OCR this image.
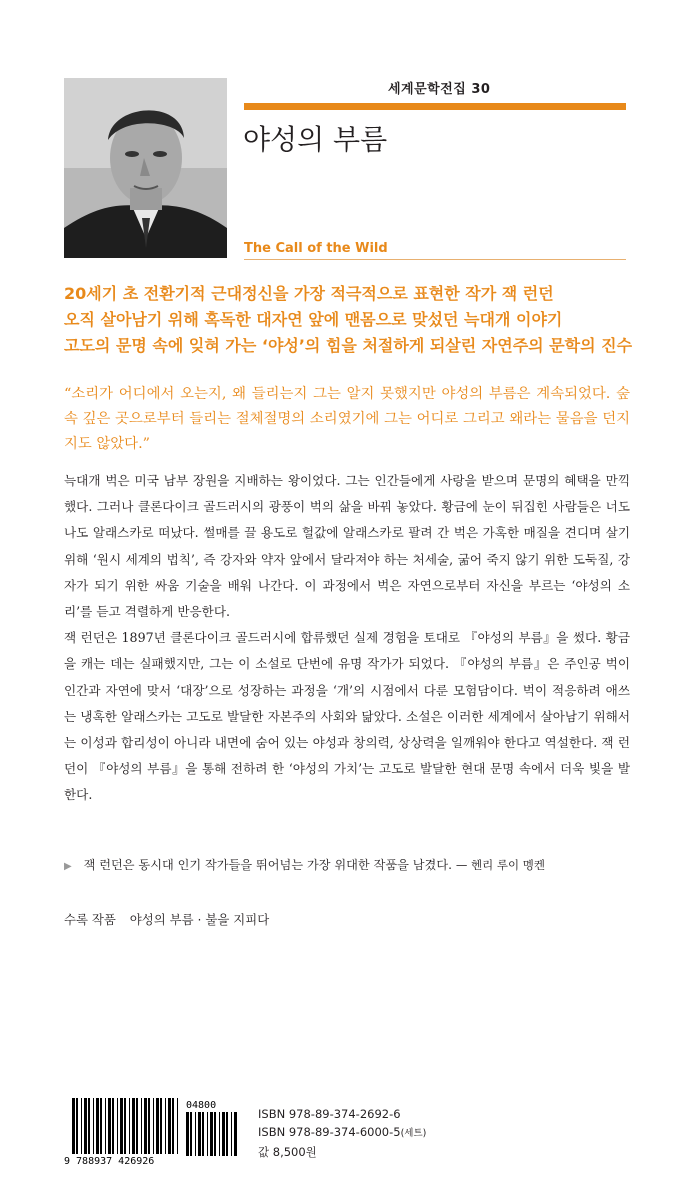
세계문학전집 30
야성의 부름
The Call of the Wild
20세기 초 전환기적 근대정신을 가장 적극적으로 표현한 작가 잭 런던
오직 살아남기 위해 혹독한 대자연 앞에 맨몸으로 맞섰던 늑대개 이야기
고도의 문명 속에 잊혀 가는 ‘야성’의 힘을 처절하게 되살린 자연주의 문학의 진수
“소리가 어디에서 오는지, 왜 들리는지 그는 알지 못했지만 야성의 부름은 계속되었다. 숲 속 깊은 곳으로부터 들리는 절체절명의 소리였기에 그는 어디로 그리고 왜라는 물음을 던지지도 않았다.”

늑대개 벅은 미국 남부 장원을 지배하는 왕이었다. 그는 인간들에게 사랑을 받으며 문명의 혜택을 만끽했다. 그러나 클론다이크 골드러시의 광풍이 벅의 삶을 바꿔 놓았다. 황금에 눈이 뒤집힌 사람들은 너도나도 알래스카로 떠났다. 썰매를 끌 용도로 헐값에 알래스카로 팔려 간 벅은 가혹한 매질을 견디며 살기 위해 ‘원시 세계의 법칙’, 즉 강자와 약자 앞에서 달라져야 하는 처세술, 굶어 죽지 않기 위한 도둑질, 강자가 되기 위한 싸움 기술을 배워 나간다. 이 과정에서 벅은 자연으로부터 자신을 부르는 ‘야성의 소리’를 듣고 격렬하게 반응한다.

잭 런던은 1897년 클론다이크 골드러시에 합류했던 실제 경험을 토대로 『야성의 부름』을 썼다. 황금을 캐는 데는 실패했지만, 그는 이 소설로 단번에 유명 작가가 되었다. 『야성의 부름』은 주인공 벅이 인간과 자연에 맞서 ‘대장’으로 성장하는 과정을 ‘개’의 시점에서 다룬 모험담이다. 벅이 적응하려 애쓰는 냉혹한 알래스카는 고도로 발달한 자본주의 사회와 닮았다. 소설은 이러한 세계에서 살아남기 위해서는 이성과 합리성이 아니라 내면에 숨어 있는 야성과 창의력, 상상력을 일깨워야 한다고 역설한다. 잭 런던이 『야성의 부름』을 통해 전하려 한 ‘야성의 가치’는 고도로 발달한 현대 문명 속에서 더욱 빛을 발한다.

▶ 잭 런던은 동시대 인기 작가들을 뛰어넘는 가장 위대한 작품을 남겼다. — 헨리 루이 멩켄
수록 작품 야성의 부름 · 불을 지피다
9 788937 426926
04800
ISBN 978-89-374-2692-6
ISBN 978-89-374-6000-5(세트)
값 8,500원
